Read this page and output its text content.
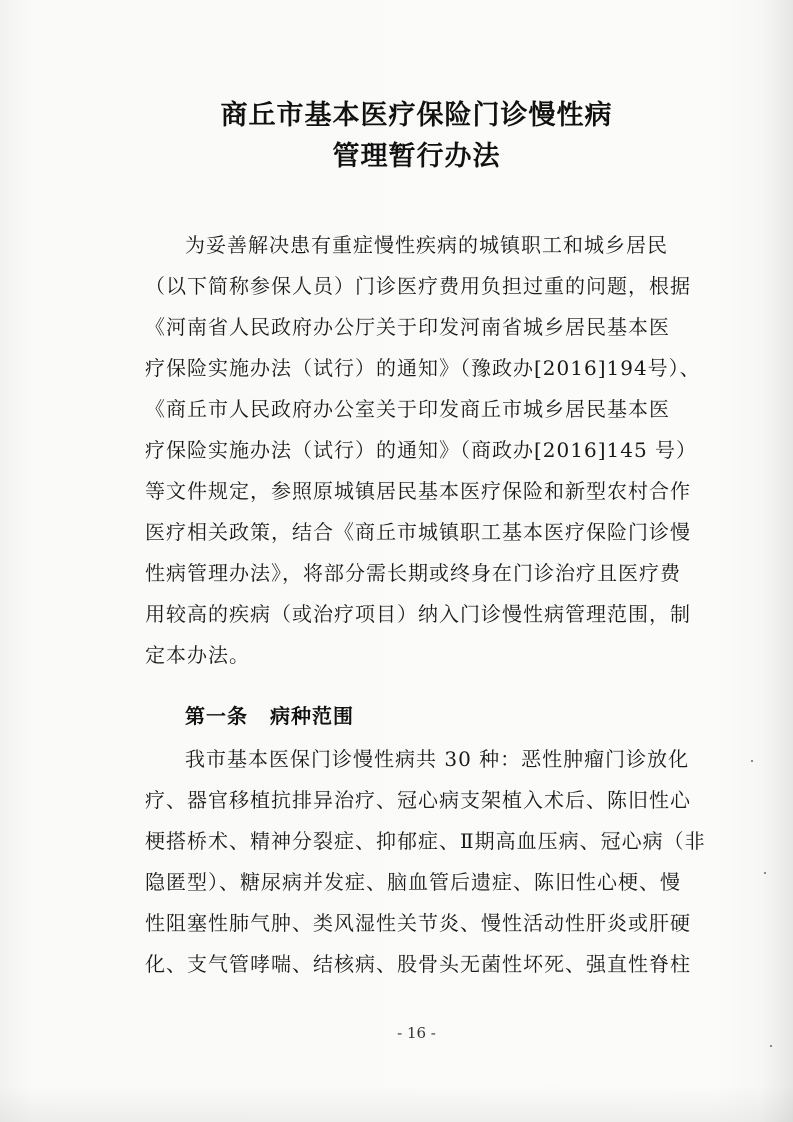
商丘市基本医疗保险门诊慢性病
管理暂行办法
为妥善解决患有重症慢性疾病的城镇职工和城乡居民
（以下简称参保人员）门诊医疗费用负担过重的问题，根据
《河南省人民政府办公厅关于印发河南省城乡居民基本医
疗保险实施办法（试行）的通知》（豫政办[2016]194号）、
《商丘市人民政府办公室关于印发商丘市城乡居民基本医
疗保险实施办法（试行）的通知》（商政办[2016]145 号）
等文件规定，参照原城镇居民基本医疗保险和新型农村合作
医疗相关政策，结合《商丘市城镇职工基本医疗保险门诊慢
性病管理办法》，将部分需长期或终身在门诊治疗且医疗费
用较高的疾病（或治疗项目）纳入门诊慢性病管理范围，制
定本办法。
第一条 病种范围
我市基本医保门诊慢性病共 30 种：恶性肿瘤门诊放化
疗、器官移植抗排异治疗、冠心病支架植入术后、陈旧性心
梗搭桥术、精神分裂症、抑郁症、Ⅱ期高血压病、冠心病（非
隐匿型）、糖尿病并发症、脑血管后遗症、陈旧性心梗、慢
性阻塞性肺气肿、类风湿性关节炎、慢性活动性肝炎或肝硬
化、支气管哮喘、结核病、股骨头无菌性坏死、强直性脊柱
- 16 -
